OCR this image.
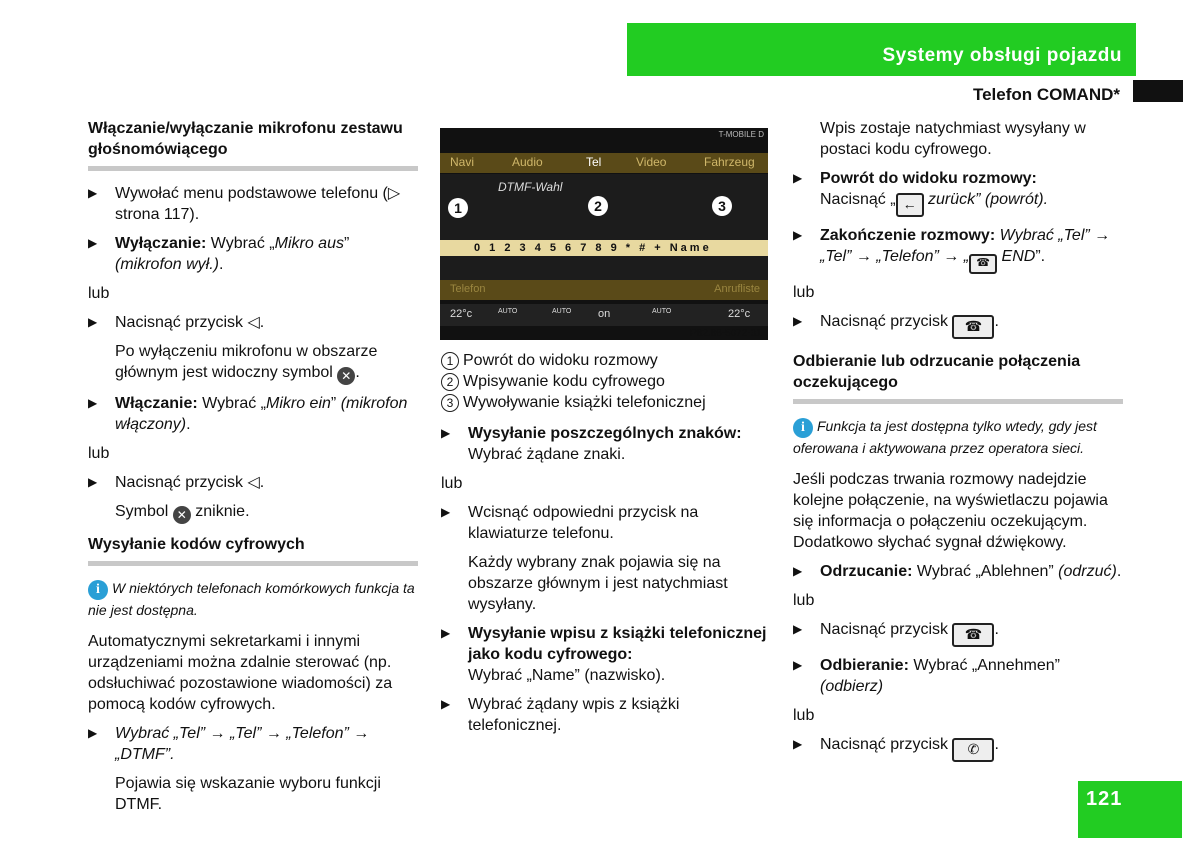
Systemy obsługi pojazdu
Telefon COMAND*
Włączanie/wyłączanie mikrofonu zestawu głośnomówiącego
▶ Wywołać menu podstawowe telefonu (▷ strona 117).
▶ Wyłączanie: Wybrać „Mikro aus” (mikrofon wył.).
lub
▶ Nacisnąć przycisk ◁.
Po wyłączeniu mikrofonu w obszarze głównym jest widoczny symbol ✕ .
▶ Włączanie: Wybrać „Mikro ein” (mikrofon włączony).
lub
▶ Nacisnąć przycisk ◁.
Symbol ✕ zniknie.
Wysyłanie kodów cyfrowych
i W niektórych telefonach komórkowych funkcja ta nie jest dostępna.
Automatycznymi sekretarkami i innymi urządzeniami można zdalnie sterować (np. odsłuchiwać pozostawione wiadomości) za pomocą kodów cyfrowych.
▶ Wybrać „Tel” → „Tel” → „Telefon” → „DTMF”.
Pojawia się wskazanie wyboru funkcji DTMF.
T-MOBILE D
Navi	Audio	Tel	Video	Fahrzeug
DTMF-Wahl
1	2	3
0 1 2 3 4 5 6 7 8 9 * # + Name
Telefon	Anrufliste
22°c	AUTO	AUTO on	AUTO	22°c
P82.86-5072-31
1 Powrót do widoku rozmowy
2 Wpisywanie kodu cyfrowego
3 Wywoływanie książki telefonicznej
▶ Wysyłanie poszczególnych znaków:
Wybrać żądane znaki.
lub
▶ Wcisnąć odpowiedni przycisk na klawiaturze telefonu.
Każdy wybrany znak pojawia się na obszarze głównym i jest natychmiast wysyłany.
▶ Wysyłanie wpisu z książki telefonicznej jako kodu cyfrowego:
Wybrać „Name” (nazwisko).
▶ Wybrać żądany wpis z książki telefonicznej.
Wpis zostaje natychmiast wysyłany w postaci kodu cyfrowego.
▶ Powrót do widoku rozmowy:
Nacisnąć „ ← zurück” (powrót).
▶ Zakończenie rozmowy: Wybrać „Tel” → „Tel” → „Telefon” → „ ☎ END”.
lub
▶ Nacisnąć przycisk ☎ .
Odbieranie lub odrzucanie połączenia oczekującego
i Funkcja ta jest dostępna tylko wtedy, gdy jest oferowana i aktywowana przez operatora sieci.
Jeśli podczas trwania rozmowy nadejdzie kolejne połączenie, na wyświetlaczu pojawia się informacja o połączeniu oczekującym. Dodatkowo słychać sygnał dźwiękowy.
▶ Odrzucanie: Wybrać „Ablehnen” (odrzuć).
lub
▶ Nacisnąć przycisk ☎ .
▶ Odbieranie: Wybrać „Annehmen” (odbierz)
lub
▶ Nacisnąć przycisk ✆ .
121
